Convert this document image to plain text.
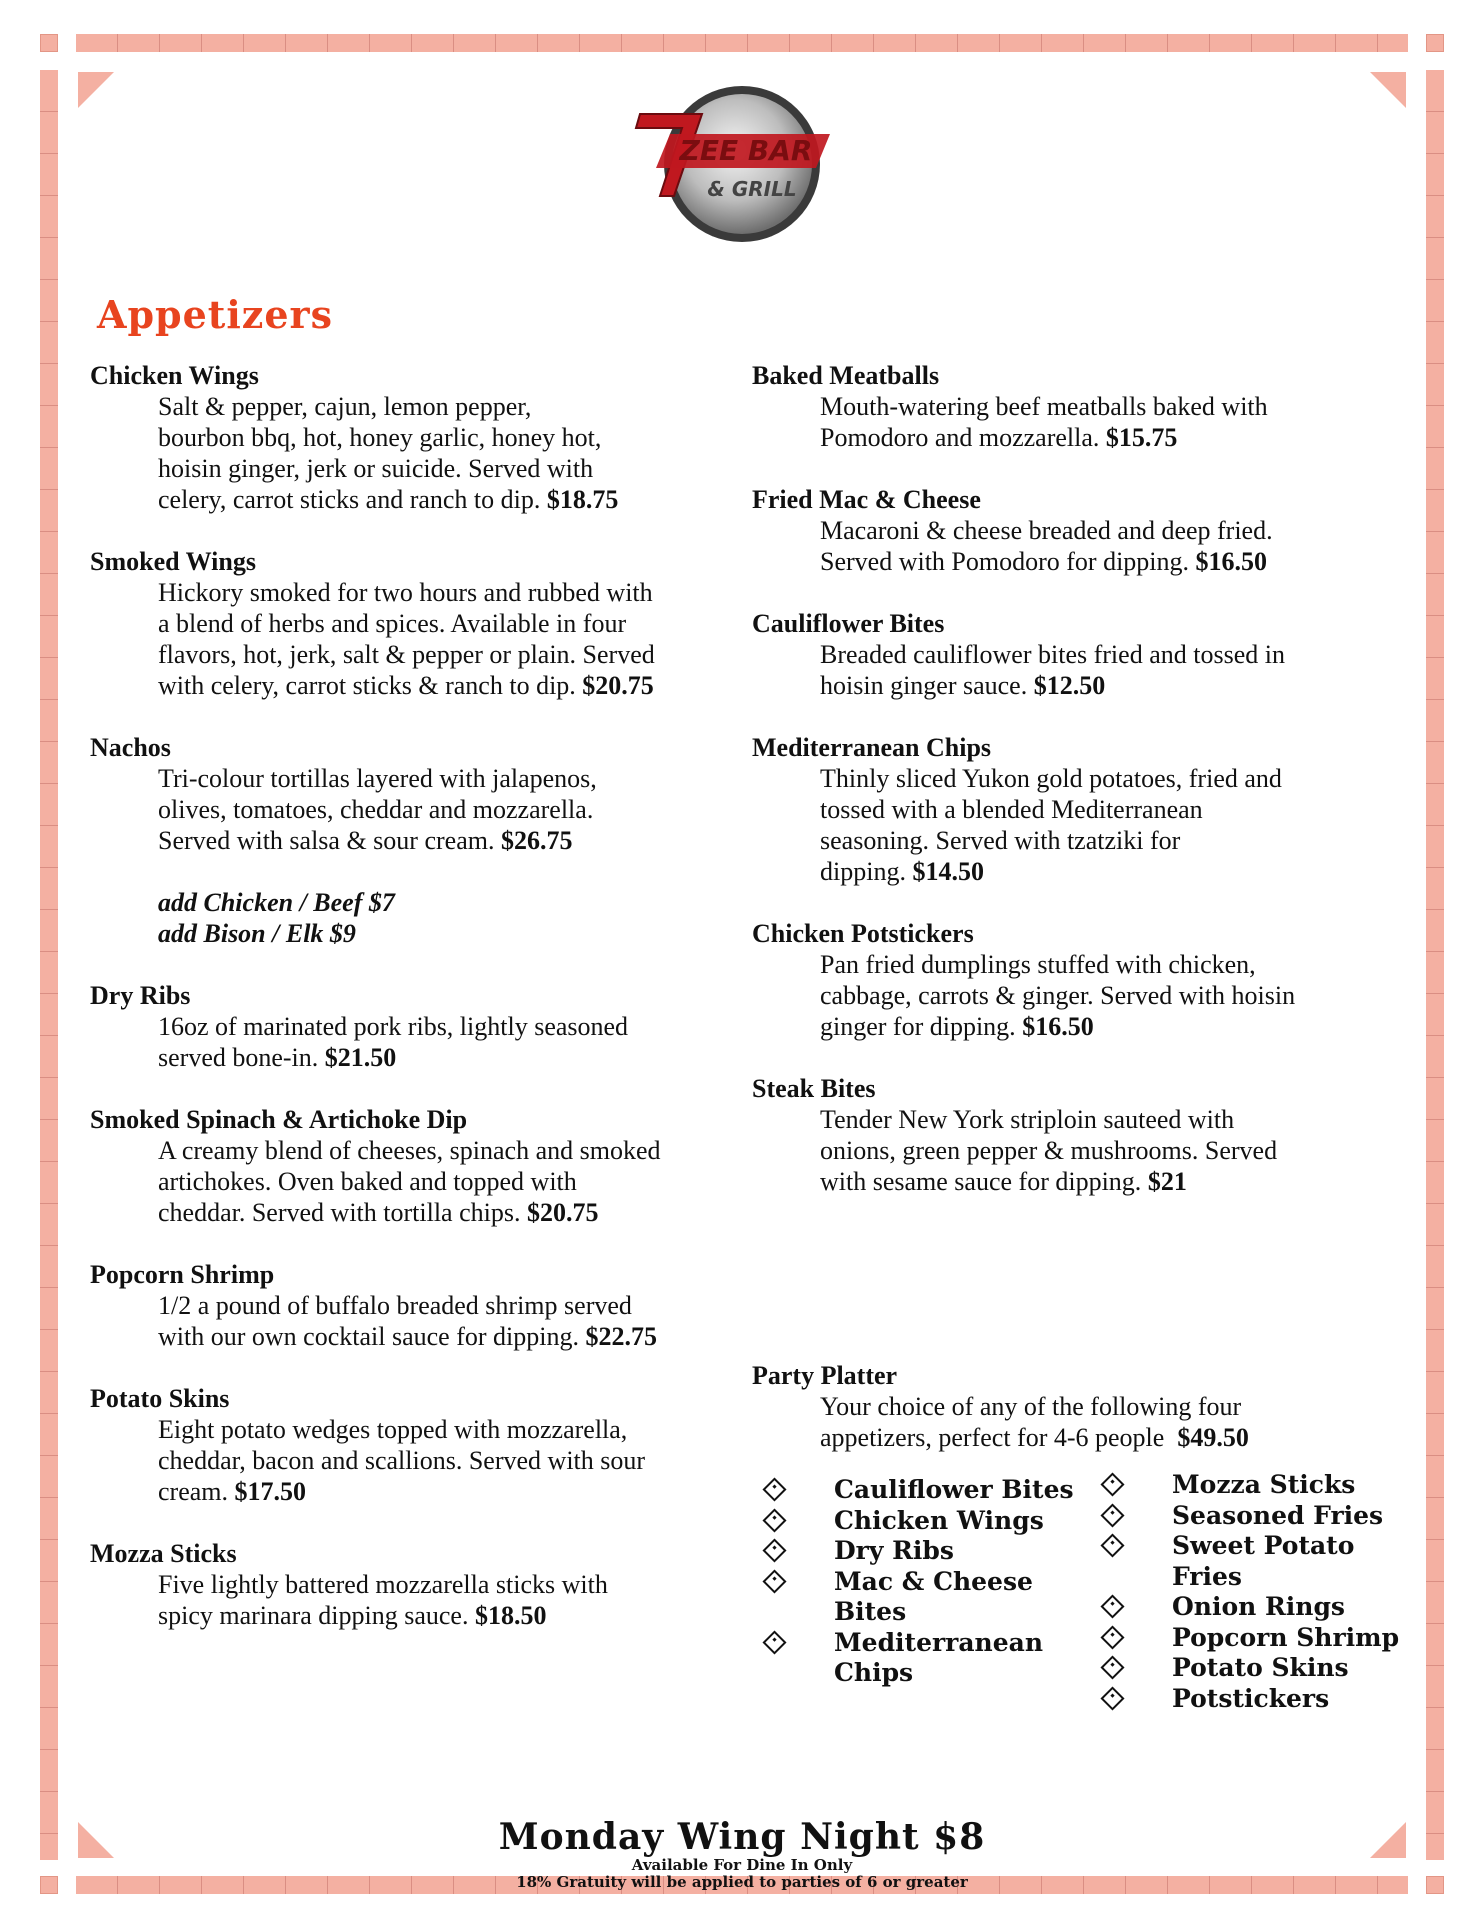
ZEE BAR
& GRILL
Appetizers

Chicken Wings

Salt & pepper, cajun, lemon pepper,
bourbon bbq, hot, honey garlic, honey hot,
hoisin ginger, jerk or suicide. Served with
celery, carrot sticks and ranch to dip. $18.75

Smoked Wings

Hickory smoked for two hours and rubbed with
a blend of herbs and spices. Available in four
flavors, hot, jerk, salt & pepper or plain. Served
with celery, carrot sticks & ranch to dip. $20.75

Nachos

Tri-colour tortillas layered with jalapenos,
olives, tomatoes, cheddar and mozzarella.
Served with salsa & sour cream. $26.75

add Chicken / Beef $7
add Bison / Elk $9

Dry Ribs

16oz of marinated pork ribs, lightly seasoned
served bone-in. $21.50

Smoked Spinach & Artichoke Dip

A creamy blend of cheeses, spinach and smoked
artichokes. Oven baked and topped with
cheddar. Served with tortilla chips. $20.75

Popcorn Shrimp

1/2 a pound of buffalo breaded shrimp served
with our own cocktail sauce for dipping. $22.75

Potato Skins

Eight potato wedges topped with mozzarella,
cheddar, bacon and scallions. Served with sour
cream. $17.50

Mozza Sticks

Five lightly battered mozzarella sticks with
spicy marinara dipping sauce. $18.50

Baked Meatballs

Mouth-watering beef meatballs baked with
Pomodoro and mozzarella. $15.75

Fried Mac & Cheese

Macaroni & cheese breaded and deep fried.
Served with Pomodoro for dipping. $16.50

Cauliflower Bites

Breaded cauliflower bites fried and tossed in
hoisin ginger sauce. $12.50

Mediterranean Chips

Thinly sliced Yukon gold potatoes, fried and
tossed with a blended Mediterranean
seasoning. Served with tzatziki for
dipping. $14.50

Chicken Potstickers

Pan fried dumplings stuffed with chicken,
cabbage, carrots & ginger. Served with hoisin
ginger for dipping. $16.50

Steak Bites

Tender New York striploin sauteed with
onions, green pepper & mushrooms. Served
with sesame sauce for dipping. $21

Party Platter

Your choice of any of the following four
appetizers, perfect for 4-6 people $49.50

Cauliflower Bites
Chicken Wings
Dry Ribs
Mac & Cheese Bites
Mediterranean Chips
Mozza Sticks
Seasoned Fries
Sweet Potato Fries
Onion Rings
Popcorn Shrimp
Potato Skins
Potstickers
Monday Wing Night $8
Available For Dine In Only
18% Gratuity will be applied to parties of 6 or greater
